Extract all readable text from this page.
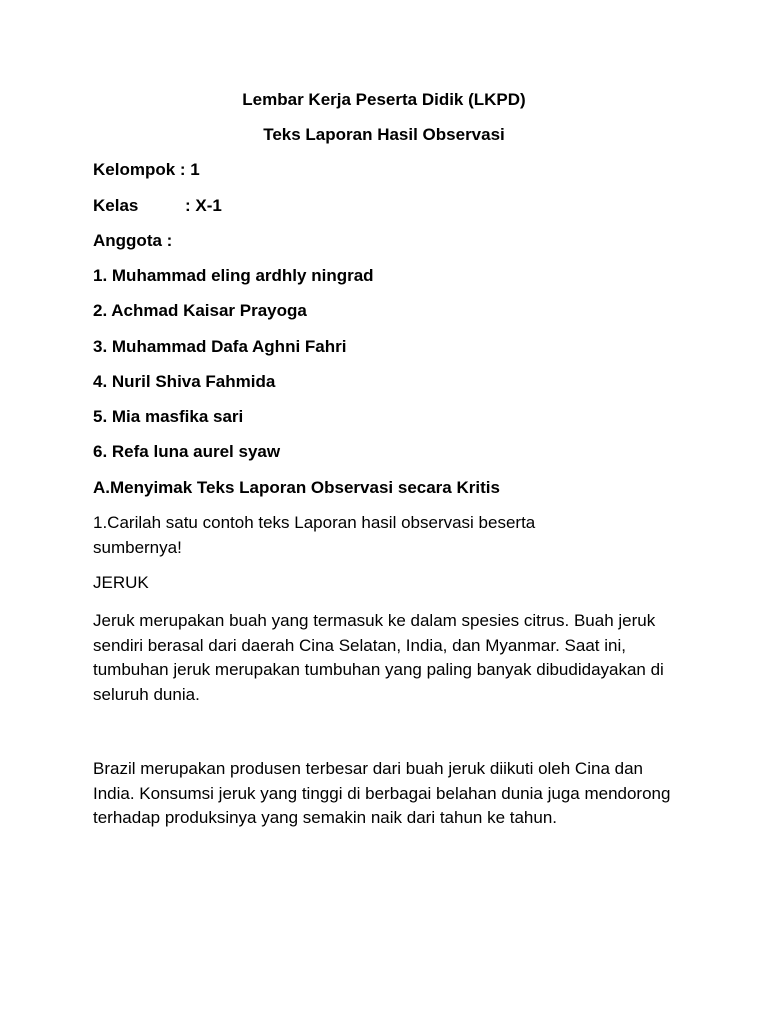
Lembar Kerja Peserta Didik (LKPD)

Teks Laporan Hasil Observasi

Kelompok : 1

Kelas	: X-1

Anggota :

1. Muhammad eling ardhly ningrad

2. Achmad Kaisar Prayoga

3. Muhammad Dafa Aghni Fahri

4. Nuril Shiva Fahmida

5. Mia masfika sari

6. Refa luna aurel syaw

A.Menyimak Teks Laporan Observasi secara Kritis

1.Carilah satu contoh teks Laporan hasil observasi beserta sumbernya!

JERUK

Jeruk merupakan buah yang termasuk ke dalam spesies citrus. Buah jeruk sendiri berasal dari daerah Cina Selatan, India, dan Myanmar. Saat ini, tumbuhan jeruk merupakan tumbuhan yang paling banyak dibudidayakan di seluruh dunia.

Brazil merupakan produsen terbesar dari buah jeruk diikuti oleh Cina dan India. Konsumsi jeruk yang tinggi di berbagai belahan dunia juga mendorong terhadap produksinya yang semakin naik dari tahun ke tahun.
